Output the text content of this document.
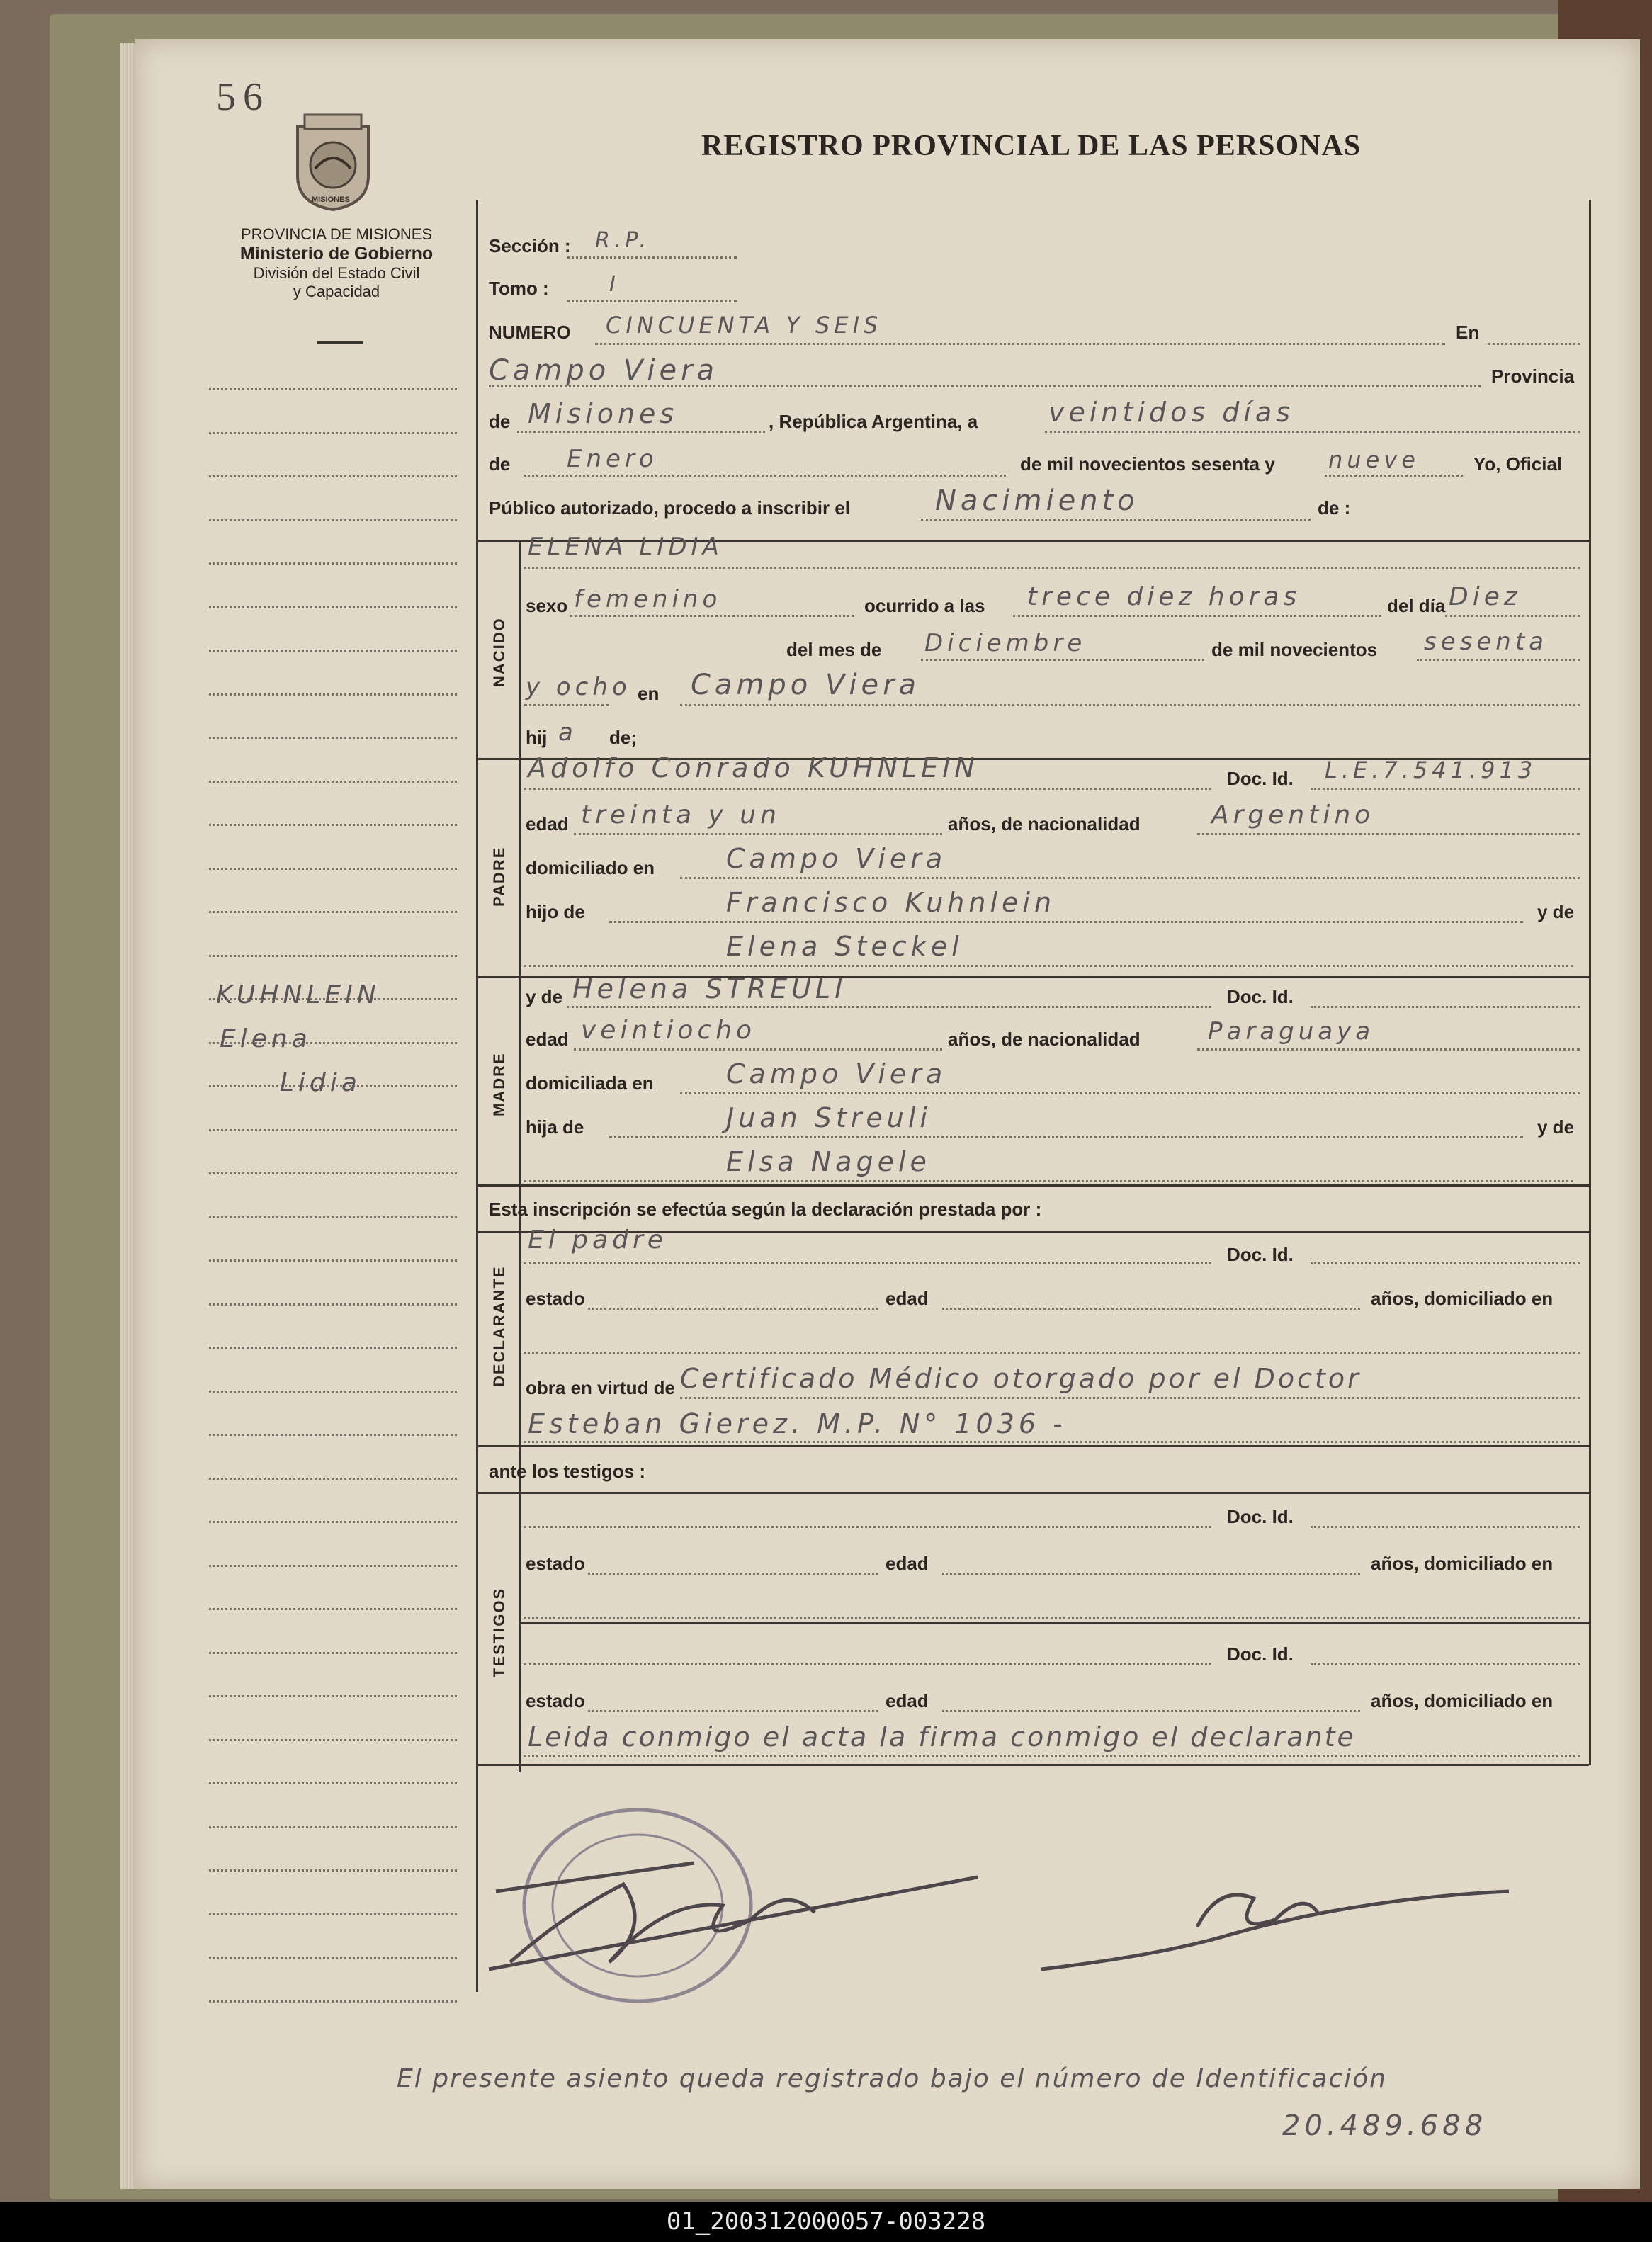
56
MISIONES
PROVINCIA DE MISIONES
Ministerio de Gobierno
División del Estado Civil
y Capacidad
REGISTRO PROVINCIAL DE LAS PERSONAS
Sección : R.P.
Tomo :	I
NUMERO CINCUENTA Y SEIS	En
Campo Viera	Provincia
de Misiones	, República Argentina, a	veintidos días
de Enero	de mil novecientos sesenta y nueve	Yo, Oficial
Público autorizado, procedo a inscribir el	Nacimiento	de :
ELENA LIDIA
NACIDO
sexo femenino	ocurrido a las trece diez horas	del día Diez
del mes de Diciembre	de mil novecientos sesenta
y ocho en Campo Viera
hij a de;
PADRE
Adolfo Conrado KUHNLEIN	Doc. Id. L.E.7.541.913
edad treinta y un	años, de nacionalidad	Argentino
domiciliado en	Campo Viera
hijo de	Francisco Kuhnlein	y de
Elena Steckel
MADRE
y de Helena STREULI	Doc. Id.
edad veintiocho	años, de nacionalidad	Paraguaya
domiciliada en	Campo Viera
hija de	Juan Streuli	y de
Elsa Nagele
Esta inscripción se efectúa según la declaración prestada por :
DECLARANTE
El padre	Doc. Id.
estado	edad	años, domiciliado en
obra en virtud de Certificado Médico otorgado por el Doctor
Esteban Gierez. M.P. N° 1036 -
ante los testigos :
TESTIGOS
Doc. Id.
estado	edad	años, domiciliado en
Doc. Id.
estado	edad	años, domiciliado en
Leida conmigo el acta la firma conmigo el declarante
El presente asiento queda registrado bajo el número de Identificación
20.489.688
KUHNLEIN
Elena
Lidia
01_200312000057-003228
